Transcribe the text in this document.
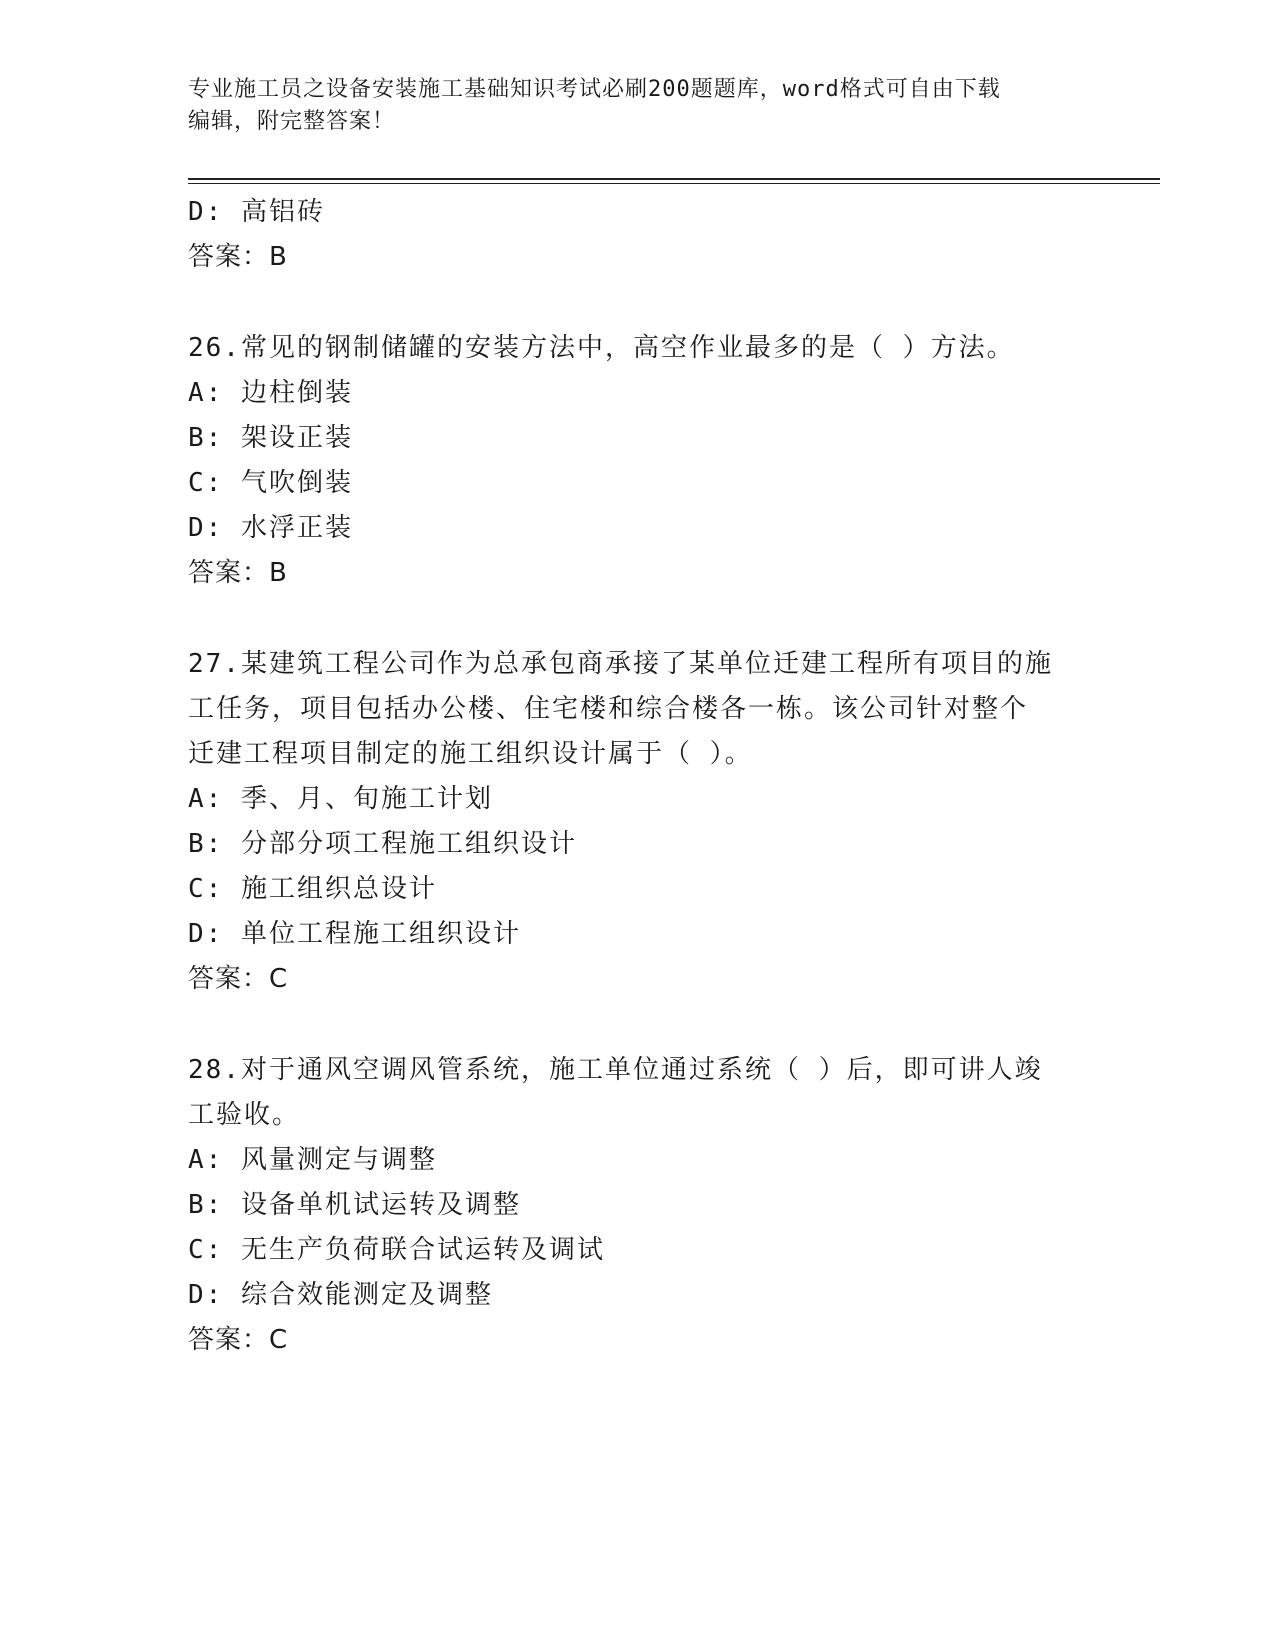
专业施工员之设备安装施工基础知识考试必刷200题题库，word格式可自由下载
编辑，附完整答案！
D: 高铝砖
答案：B
26.常见的钢制储罐的安装方法中，高空作业最多的是（ ）方法。
A: 边柱倒装
B: 架设正装
C: 气吹倒装
D: 水浮正装
答案：B
27.某建筑工程公司作为总承包商承接了某单位迁建工程所有项目的施
工任务，项目包括办公楼、住宅楼和综合楼各一栋。该公司针对整个
迁建工程项目制定的施工组织设计属于（ ）。
A: 季、月、旬施工计划
B: 分部分项工程施工组织设计
C: 施工组织总设计
D: 单位工程施工组织设计
答案：C
28.对于通风空调风管系统，施工单位通过系统（ ）后，即可讲人竣
工验收。
A: 风量测定与调整
B: 设备单机试运转及调整
C: 无生产负荷联合试运转及调试
D: 综合效能测定及调整
答案：C
